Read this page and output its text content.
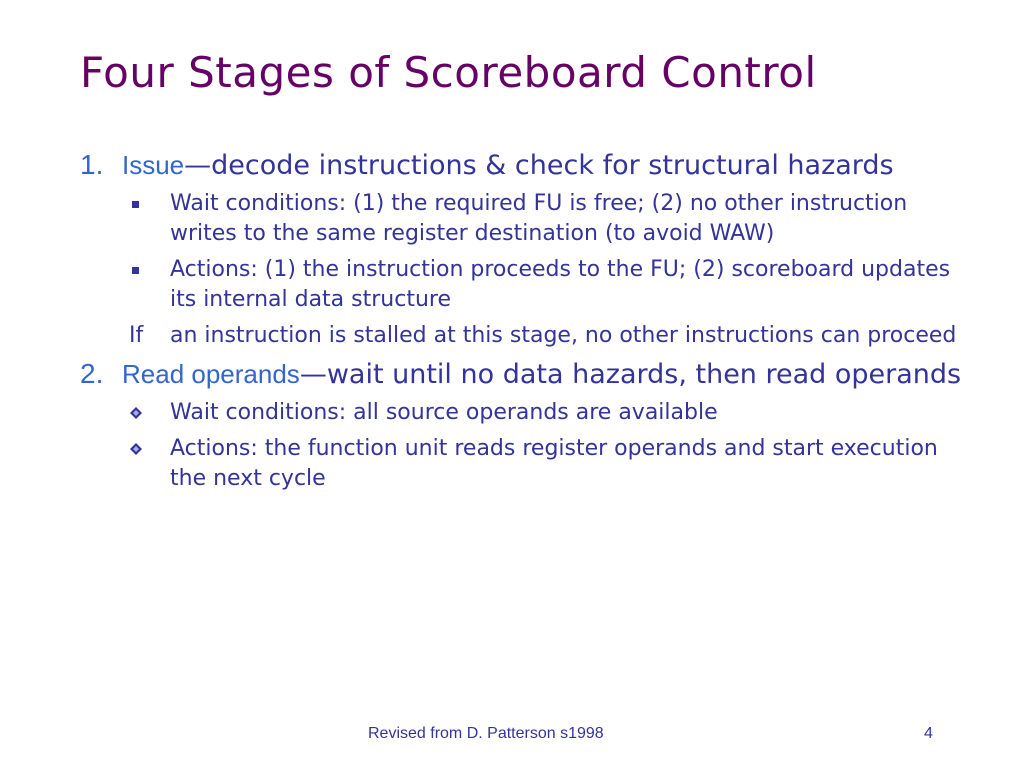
Four Stages of Scoreboard Control
1. Issue—decode instructions & check for structural hazards
Wait conditions: (1) the required FU is free; (2) no other instruction writes to the same register destination (to avoid WAW)
Actions: (1) the instruction proceeds to the FU; (2) scoreboard updates its internal data structure
If an instruction is stalled at this stage, no other instructions can proceed
2. Read operands—wait until no data hazards, then read operands
Wait conditions: all source operands are available
Actions: the function unit reads register operands and start execution the next cycle
Revised from D. Patterson s1998	4
